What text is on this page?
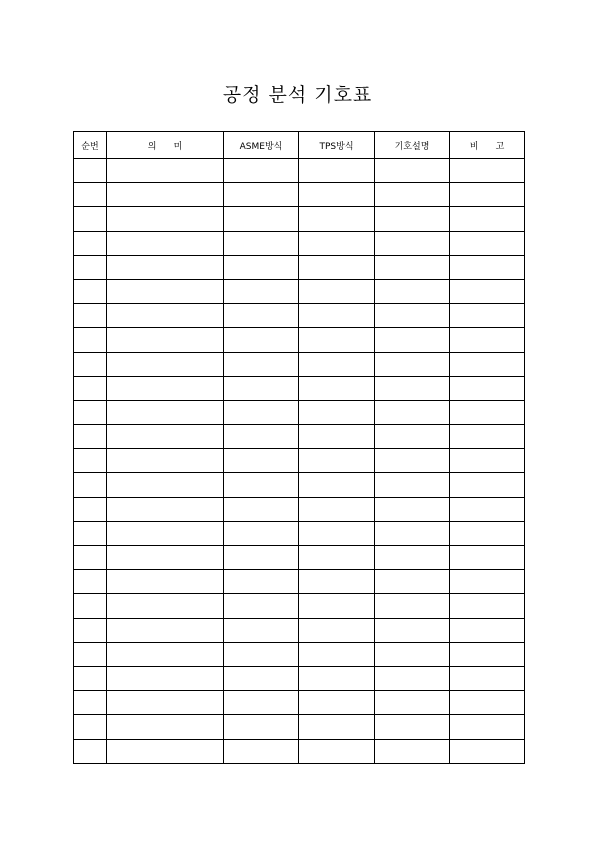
공정 분석 기호표
순번	의      미	ASME방식	TPS방식	기호설명	비      고
